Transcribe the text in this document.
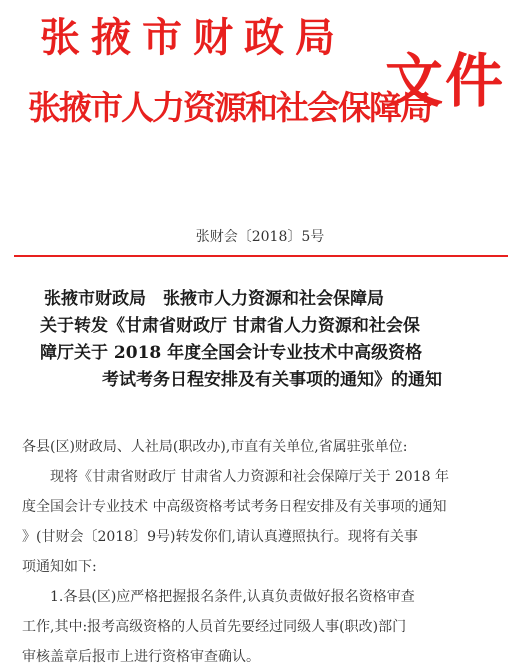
张掖市财政局
张掖市人力资源和社会保障局
文件
张财会〔2018〕5号
张掖市财政局　张掖市人力资源和社会保障局
关于转发《甘肃省财政厅 甘肃省人力资源和社会保
障厅关于 2018 年度全国会计专业技术中高级资格
考试考务日程安排及有关事项的通知》的通知
各县(区)财政局、人社局(职改办),市直有关单位,省属驻张单位:
现将《甘肃省财政厅 甘肃省人力资源和社会保障厅关于 2018 年
度全国会计专业技术 中高级资格考试考务日程安排及有关事项的通知
》(甘财会〔2018〕9号)转发你们,请认真遵照执行。现将有关事
项通知如下:
1.各县(区)应严格把握报名条件,认真负责做好报名资格审查
工作,其中:报考高级资格的人员首先要经过同级人事(职改)部门
审核盖章后报市上进行资格审查确认。
